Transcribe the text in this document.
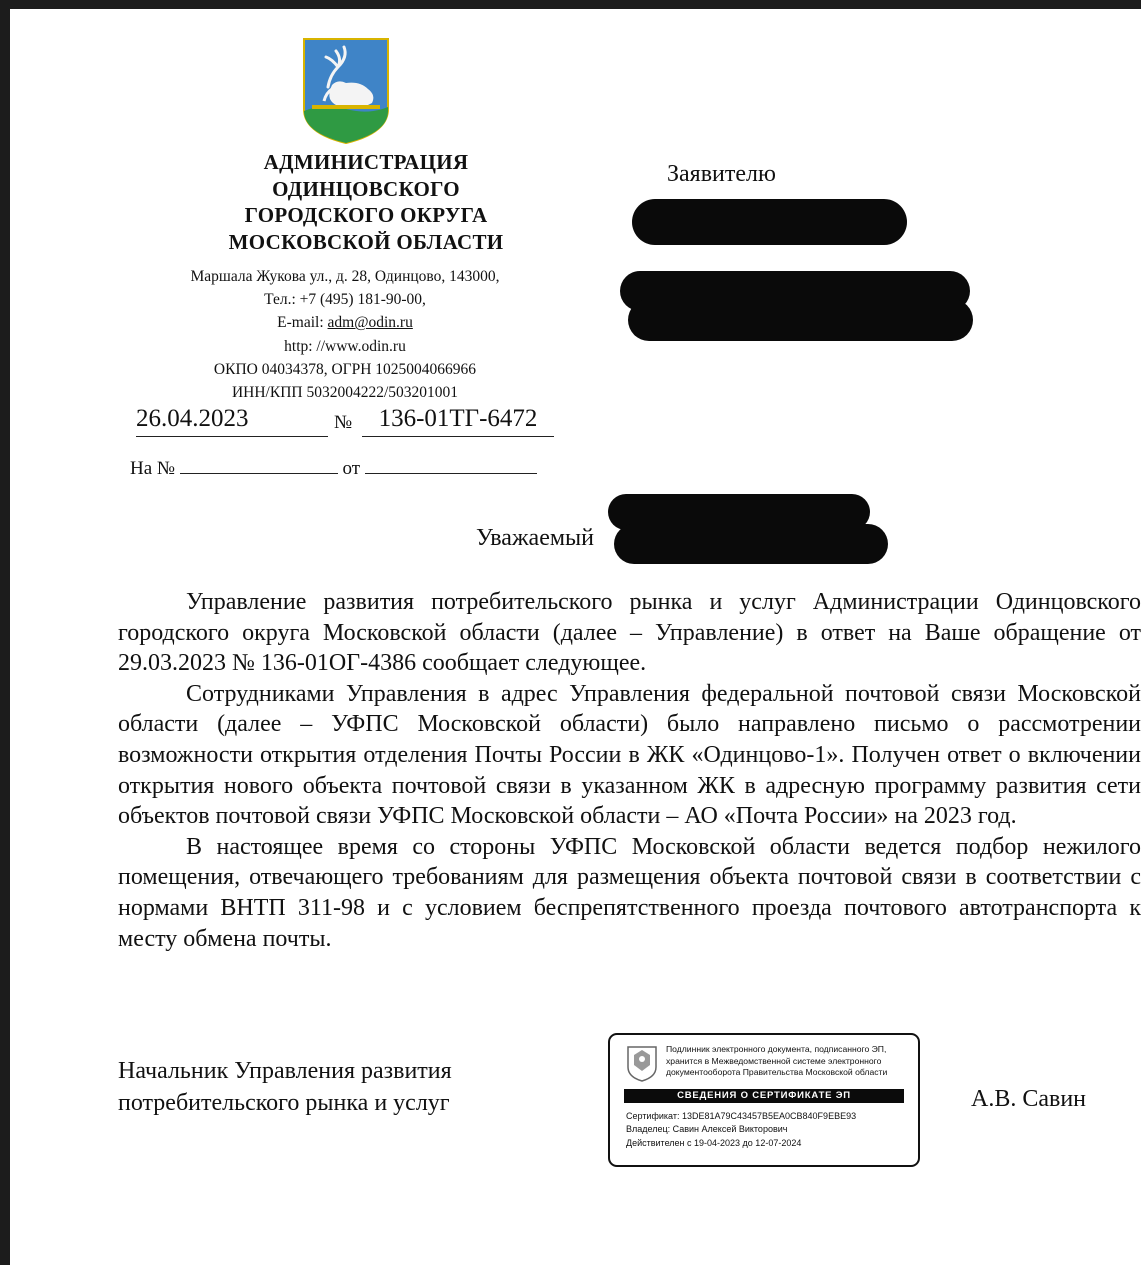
АДМИНИСТРАЦИЯ
ОДИНЦОВСКОГО
ГОРОДСКОГО ОКРУГА
МОСКОВСКОЙ ОБЛАСТИ
Маршала Жукова ул., д. 28, Одинцово, 143000,
Тел.: +7 (495) 181-90-00,
E-mail: adm@odin.ru
http: //www.odin.ru
ОКПО 04034378, ОГРН 1025004066966
ИНН/КПП 5032004222/503201001
26.04.2023	№	136-01ТГ-6472
На №	от
Заявителю
Уважаемый

Управление развития потребительского рынка и услуг Администрации Одинцовского городского округа Московской области (далее – Управление) в ответ на Ваше обращение от 29.03.2023 № 136-01ОГ-4386 сообщает следующее.

Сотрудниками Управления в адрес Управления федеральной почтовой связи Московской области (далее – УФПС Московской области) было направлено письмо о рассмотрении возможности открытия отделения Почты России в ЖК «Одинцово-1». Получен ответ о включении открытия нового объекта почтовой связи в указанном ЖК в адресную программу развития сети объектов почтовой связи УФПС Московской области – АО «Почта России» на 2023 год.

В настоящее время со стороны УФПС Московской области ведется подбор нежилого помещения, отвечающего требованиям для размещения объекта почтовой связи в соответствии с нормами ВНТП 311-98 и с условием беспрепятственного проезда почтового автотранспорта к месту обмена почты.

Начальник Управления развития
потребительского рынка и услуг	А.В. Савин
Подлинник электронного документа, подписанного ЭП,
хранится в Межведомственной системе электронного
документооборота Правительства Московской области
СВЕДЕНИЯ О СЕРТИФИКАТЕ ЭП
Сертификат: 13DE81A79C43457B5EA0CB840F9EBE93
Владелец: Савин Алексей Викторович
Действителен с 19-04-2023 до 12-07-2024
